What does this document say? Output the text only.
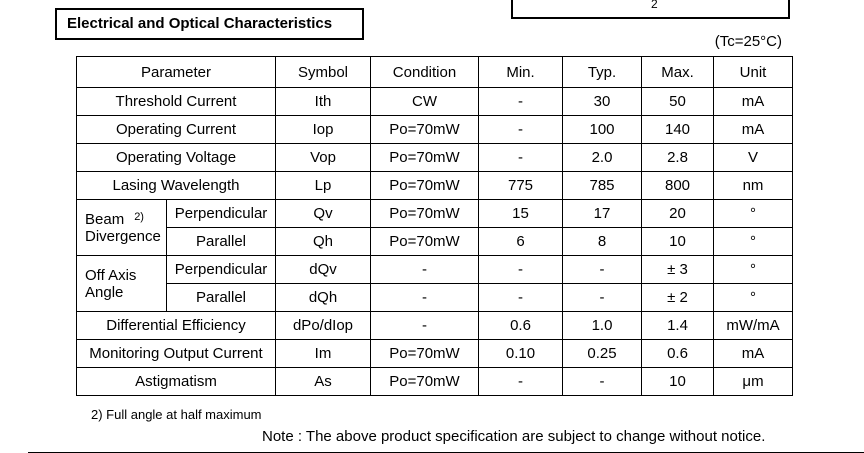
2
Electrical and Optical Characteristics
(Tc=25°C)
Parameter		Symbol	Condition	Min.	Typ.	Max.	Unit
Threshold Current		Ith	CW	-	30	50	mA
Operating Current		Iop	Po=70mW	-	100	140	mA
Operating Voltage		Vop	Po=70mW	-	2.0	2.8	V
Lasing Wavelength		Lp	Po=70mW	775	785	800	nm

Beam $^{2)}$
Divergence	Perpendicular	Qv	Po=70mW	15	17	20	°
	Parallel	Qh	Po=70mW	6	8	10	°

Off Axis
Angle	Perpendicular	dQv	-	-	-	± 3	°
	Parallel	dQh	-	-	-	± 2	°
Differential Efficiency		dPo/dIop	-	0.6	1.0	1.4	mW/mA
Monitoring Output Current		Im	Po=70mW	0.10	0.25	0.6	mA
Astigmatism		As	Po=70mW	-	-	10	μm
2) Full angle at half maximum
Note : The above product specification are subject to change without notice.
